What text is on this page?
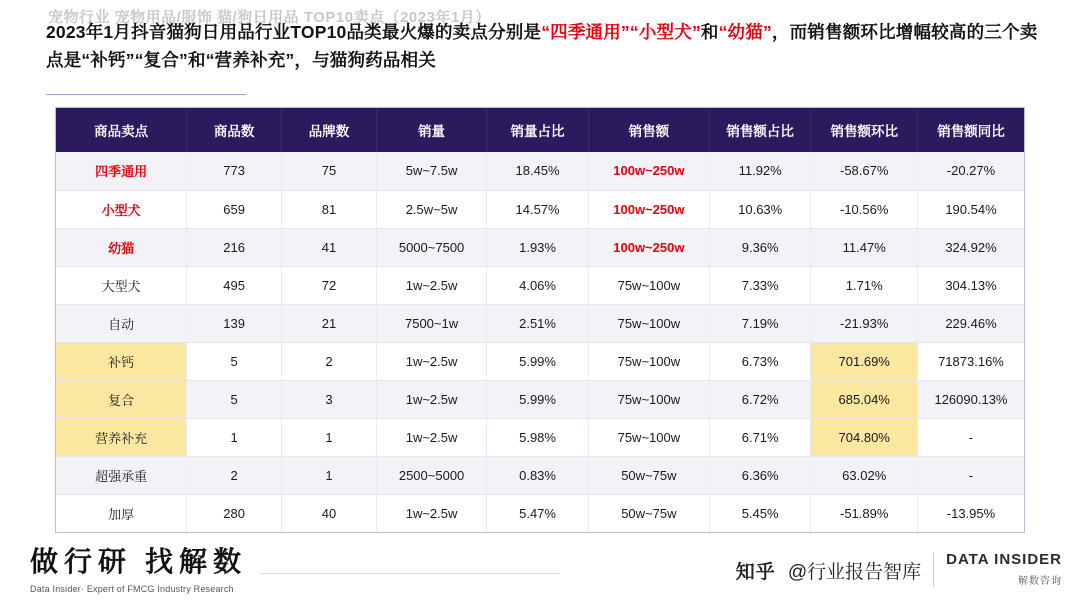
宠物行业 宠物用品/服饰 猫/狗日用品 TOP10卖点（2023年1月）
2023年1月抖音猫狗日用品行业TOP10品类最火爆的卖点分别是“四季通用”“小型犬”和“幼猫”，而销售额环比增幅较高的三个卖点是“补钙”“复合”和“营养补充”，与猫狗药品相关
商品卖点	商品数	品牌数	销量	销量占比	销售额	销售额占比	销售额环比	销售额同比
四季通用	773	75	5w~7.5w	18.45%	100w~250w	11.92%	-58.67%	-20.27%
小型犬	659	81	2.5w~5w	14.57%	100w~250w	10.63%	-10.56%	190.54%
幼猫	216	41	5000~7500	1.93%	100w~250w	9.36%	11.47%	324.92%
大型犬	495	72	1w~2.5w	4.06%	75w~100w	7.33%	1.71%	304.13%
自动	139	21	7500~1w	2.51%	75w~100w	7.19%	-21.93%	229.46%
补钙	5	2	1w~2.5w	5.99%	75w~100w	6.73%	701.69%	71873.16%
复合	5	3	1w~2.5w	5.99%	75w~100w	6.72%	685.04%	126090.13%
营养补充	1	1	1w~2.5w	5.98%	75w~100w	6.71%	704.80%	-
超强承重	2	1	2500~5000	0.83%	50w~75w	6.36%	63.02%	-
加厚	280	40	1w~2.5w	5.47%	50w~75w	5.45%	-51.89%	-13.95%
做行研 找解数
Data Insider· Expert of FMCG Industry Research
知乎 @行业报告智库
DATA INSIDER
解数咨询
